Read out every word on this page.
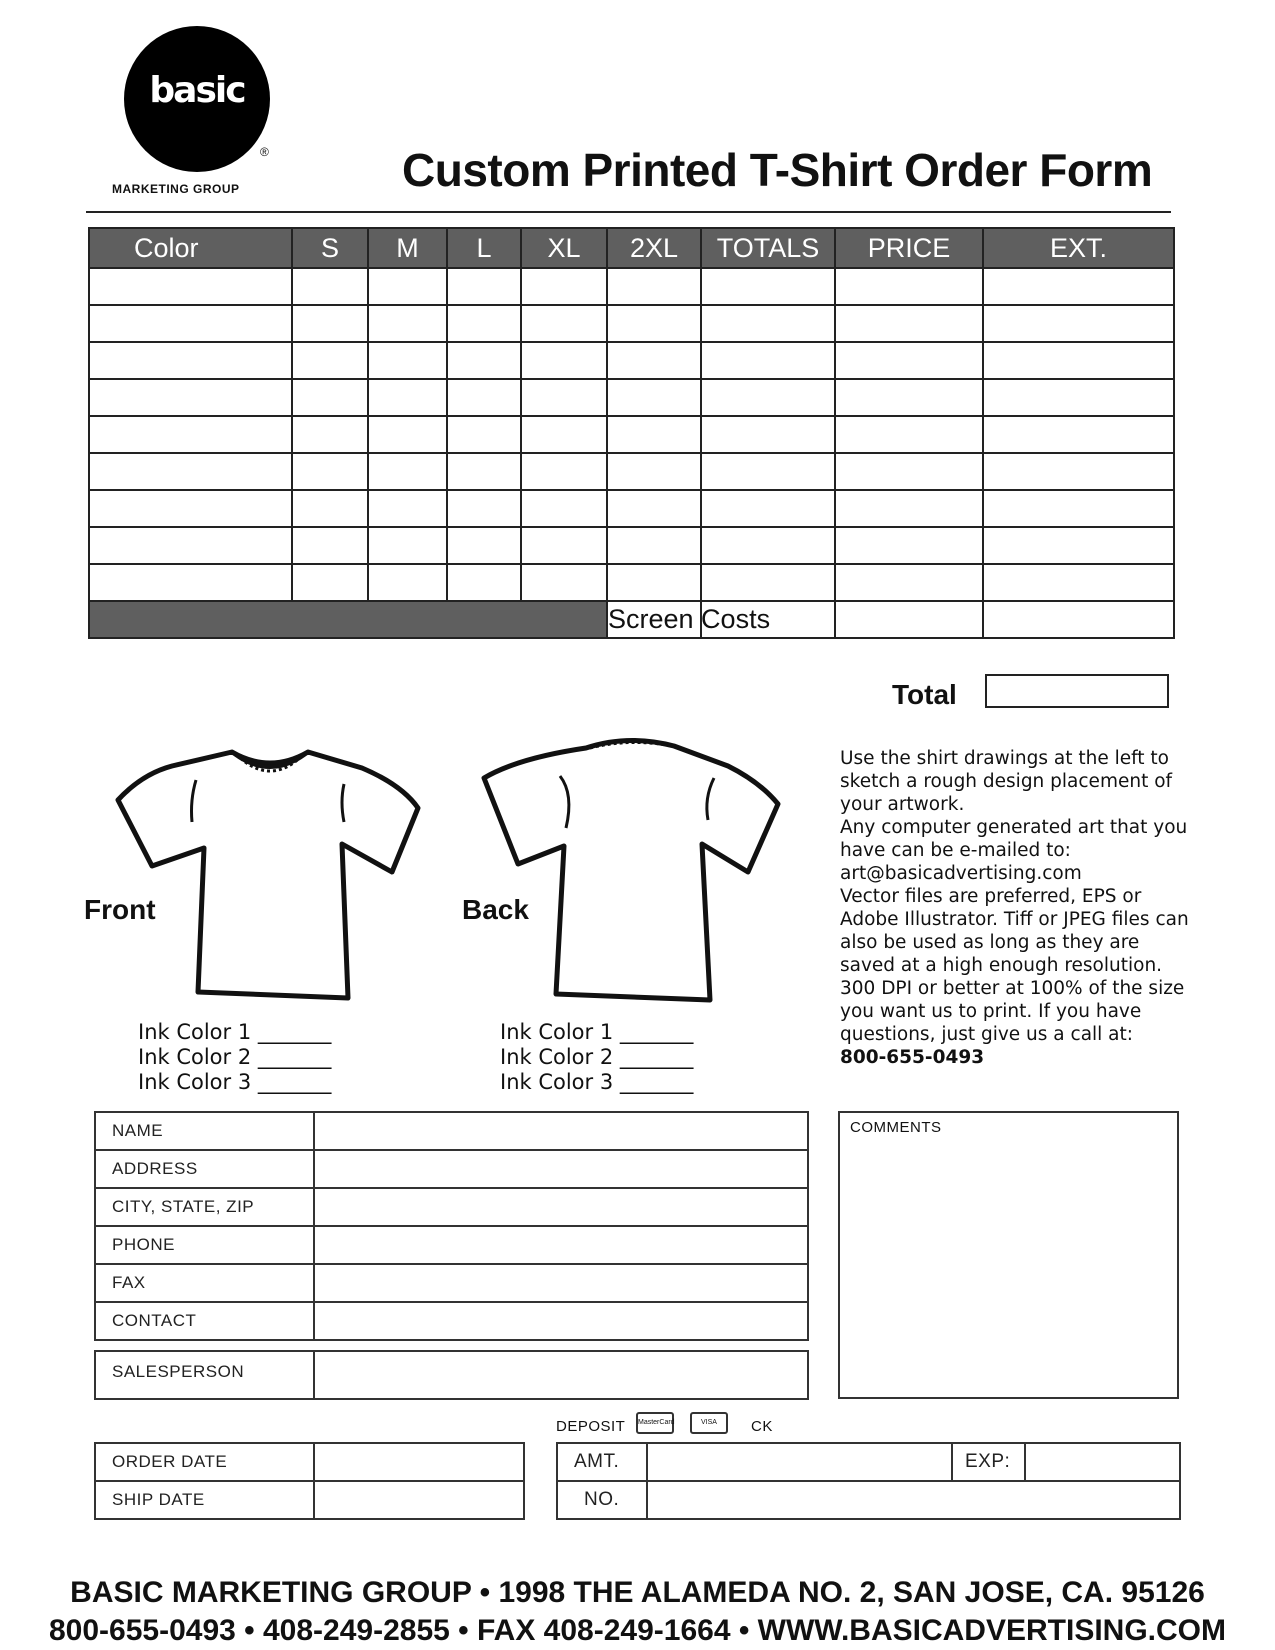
basic
®
MARKETING GROUP	Custom Printed T-Shirt Order Form
Color	S	M	L	XL	2XL	TOTALS	PRICE	EXT.

					Screen Costs			
Total
Front
Ink Color 1 _______
Ink Color 2 _______
Ink Color 3 _______
Back
Ink Color 1 _______
Ink Color 2 _______
Ink Color 3 _______

Use the shirt drawings at the left to sketch a rough design placement of your artwork.

Any computer generated art that you have can be e-mailed to: art@basicadvertising.com

Vector files are preferred, EPS or Adobe Illustrator. Tiff or JPEG files can also be used as long as they are saved at a high enough resolution. 300 DPI or better at 100% of the size you want us to print. If you have questions, just give us a call at:

800-655-0493

NAME	
ADDRESS	
CITY, STATE, ZIP	
PHONE	
FAX	
CONTACT	
SALESPERSON	
COMMENTS
ORDER DATE	
SHIP DATE	
DEPOSIT MasterCard	VISA	CK
AMT.		EXP:	
NO.			
BASIC MARKETING GROUP • 1998 THE ALAMEDA NO. 2, SAN JOSE, CA. 95126
800-655-0493 • 408-249-2855 • FAX 408-249-1664 • WWW.BASICADVERTISING.COM
